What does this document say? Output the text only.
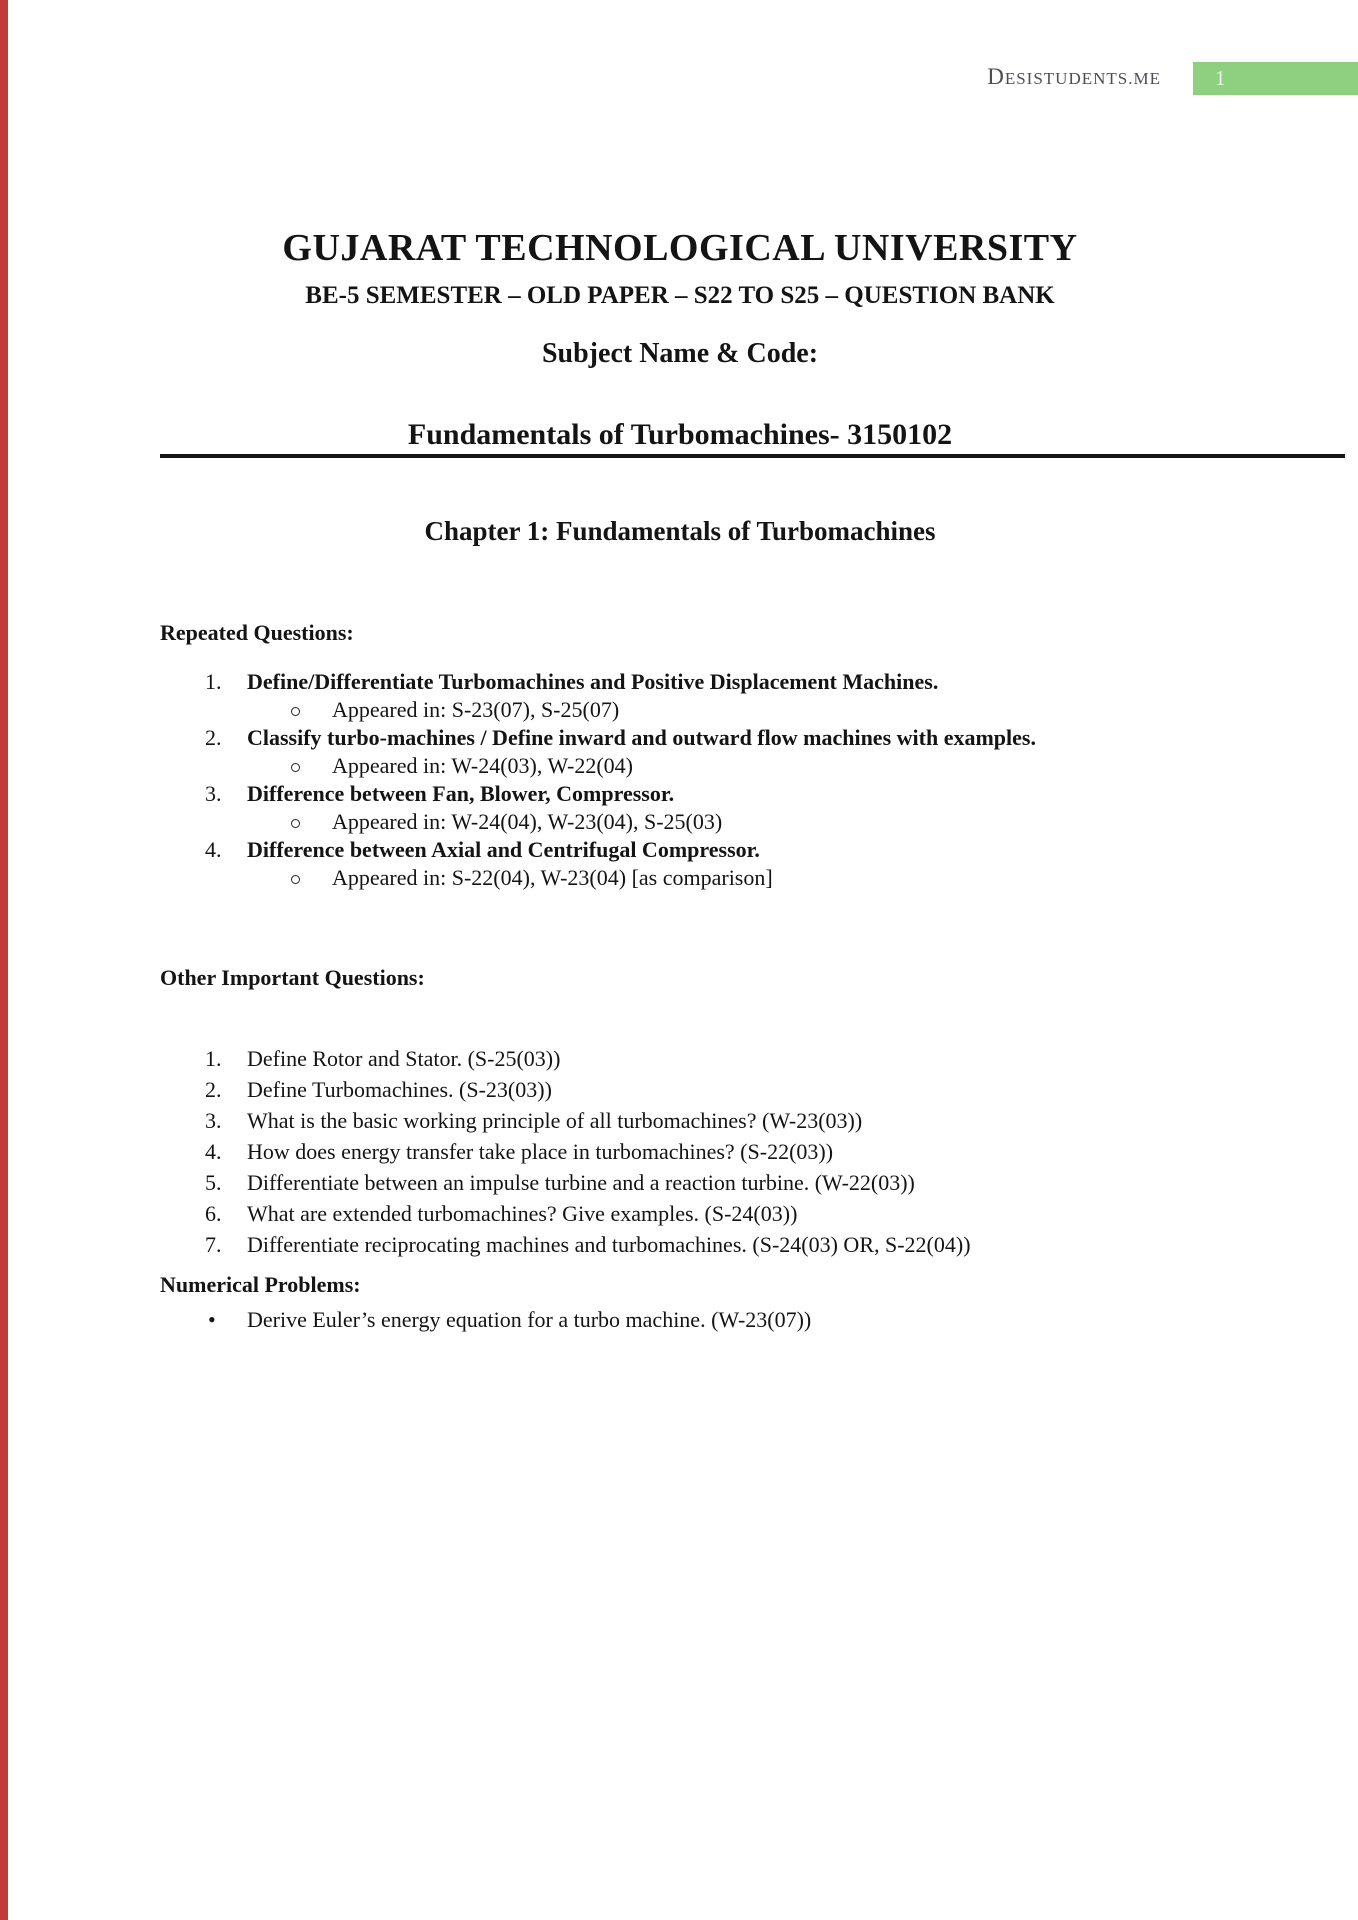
DESISTUDENTS.ME	1
GUJARAT TECHNOLOGICAL UNIVERSITY
BE-5 SEMESTER – OLD PAPER – S22 TO S25 – QUESTION BANK
Subject Name & Code:
Fundamentals of Turbomachines- 3150102
Chapter 1: Fundamentals of Turbomachines
Repeated Questions:
Define/Differentiate Turbomachines and Positive Displacement Machines.
Appeared in: S-23(07), S-25(07)
Classify turbo-machines / Define inward and outward flow machines with examples.
Appeared in: W-24(03), W-22(04)
Difference between Fan, Blower, Compressor.
Appeared in: W-24(04), W-23(04), S-25(03)
Difference between Axial and Centrifugal Compressor.
Appeared in: S-22(04), W-23(04) [as comparison]
Other Important Questions:
Define Rotor and Stator. (S-25(03))
Define Turbomachines. (S-23(03))
What is the basic working principle of all turbomachines? (W-23(03))
How does energy transfer take place in turbomachines? (S-22(03))
Differentiate between an impulse turbine and a reaction turbine. (W-22(03))
What are extended turbomachines? Give examples. (S-24(03))
Differentiate reciprocating machines and turbomachines. (S-24(03) OR, S-22(04))
Numerical Problems:
• Derive Euler’s energy equation for a turbo machine. (W-23(07))
